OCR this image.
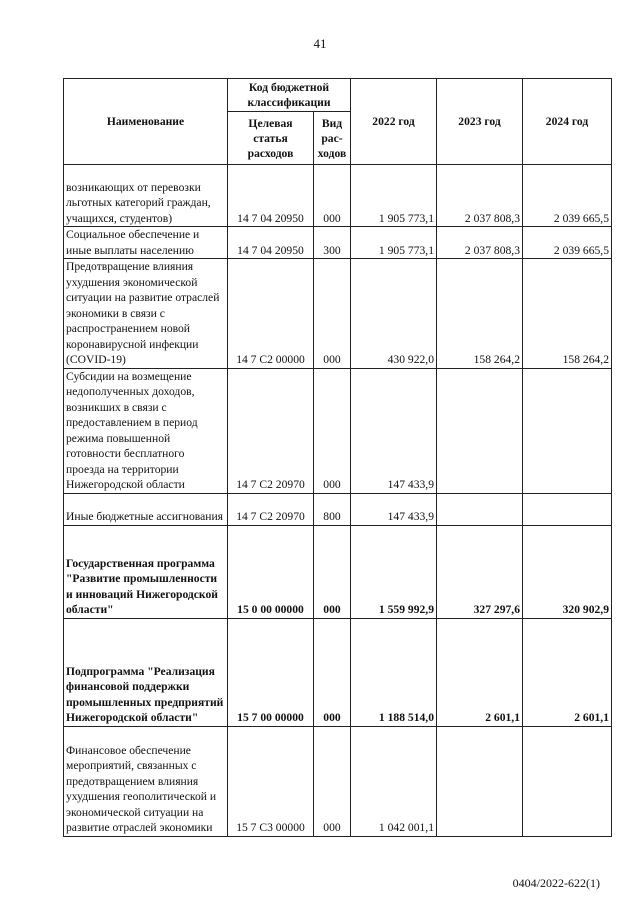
41
Наименование	Код бюджетной классификации		2022 год	2023 год	2024 год
	Целевая статья расходов	Вид рас-ходов			
возникающих от перевозки льготных категорий граждан, учащихся, студентов)	14 7 04 20950	000	1 905 773,1	2 037 808,3	2 039 665,5
Социальное обеспечение и иные выплаты населению	14 7 04 20950	300	1 905 773,1	2 037 808,3	2 039 665,5
Предотвращение влияния ухудшения экономической ситуации на развитие отраслей экономики в связи с распространением новой коронавирусной инфекции (COVID-19)	14 7 C2 00000	000	430 922,0	158 264,2	158 264,2
Субсидии на возмещение недополученных доходов, возникших в связи с предоставлением в период режима повышенной готовности бесплатного проезда на территории Нижегородской области	14 7 C2 20970	000	147 433,9		
Иные бюджетные ассигнования	14 7 C2 20970	800	147 433,9		
Государственная программа "Развитие промышленности и инноваций Нижегородской области"	15 0 00 00000	000	1 559 992,9	327 297,6	320 902,9
Подпрограмма "Реализация финансовой поддержки промышленных предприятий Нижегородской области"	15 7 00 00000	000	1 188 514,0	2 601,1	2 601,1
Финансовое обеспечение мероприятий, связанных с предотвращением влияния ухудшения геополитической и экономической ситуации на развитие отраслей экономики	15 7 C3 00000	000	1 042 001,1		
0404/2022-622(1)
